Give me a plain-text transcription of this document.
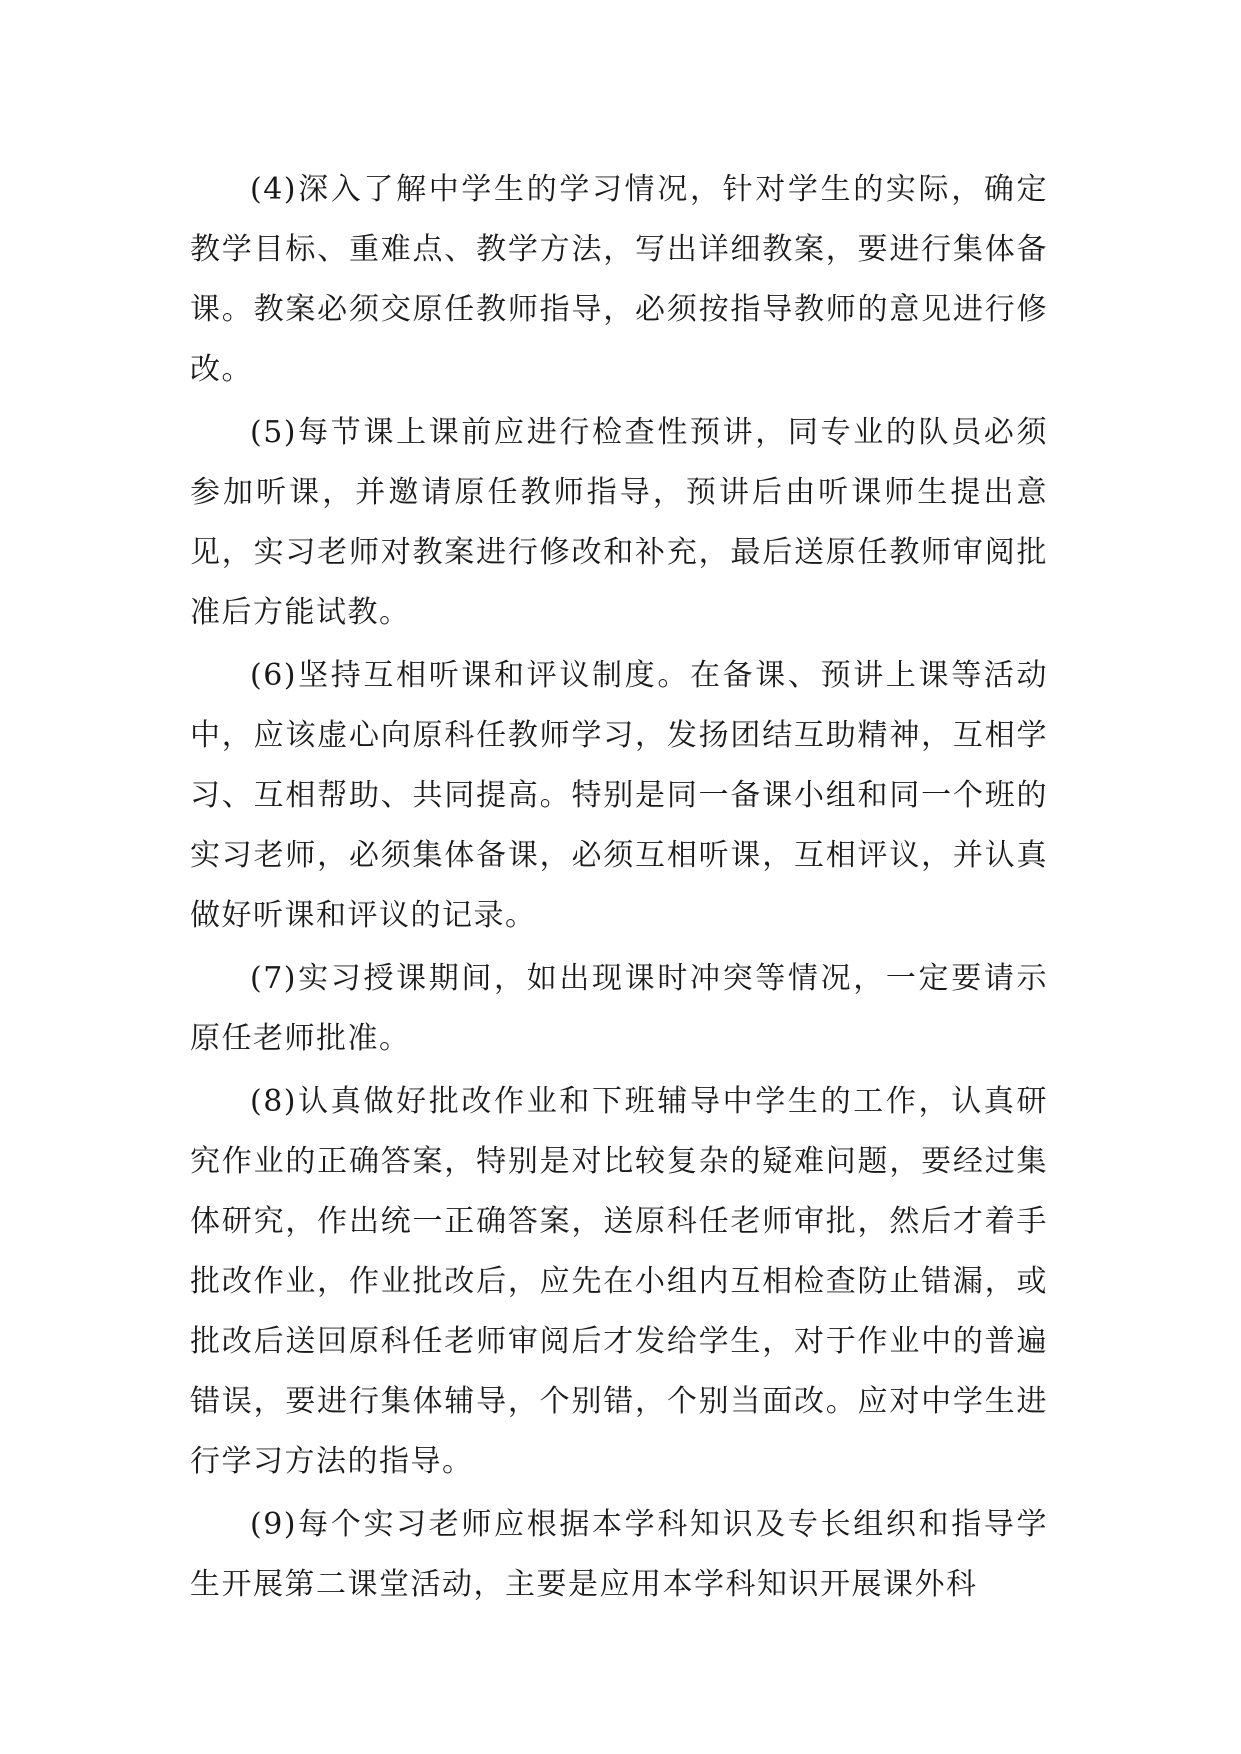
(4)深入了解中学生的学习情况，针对学生的实际，确定教学目标、重难点、教学方法，写出详细教案，要进行集体备课。教案必须交原任教师指导，必须按指导教师的意见进行修改。

(5)每节课上课前应进行检查性预讲，同专业的队员必须参加听课，并邀请原任教师指导，预讲后由听课师生提出意见，实习老师对教案进行修改和补充，最后送原任教师审阅批准后方能试教。

(6)坚持互相听课和评议制度。在备课、预讲上课等活动中，应该虚心向原科任教师学习，发扬团结互助精神，互相学习、互相帮助、共同提高。特别是同一备课小组和同一个班的实习老师，必须集体备课，必须互相听课，互相评议，并认真做好听课和评议的记录。

(7)实习授课期间，如出现课时冲突等情况，一定要请示原任老师批准。

(8)认真做好批改作业和下班辅导中学生的工作，认真研究作业的正确答案，特别是对比较复杂的疑难问题，要经过集体研究，作出统一正确答案，送原科任老师审批，然后才着手批改作业，作业批改后，应先在小组内互相检查防止错漏，或批改后送回原科任老师审阅后才发给学生，对于作业中的普遍错误，要进行集体辅导，个别错，个别当面改。应对中学生进行学习方法的指导。

(9)每个实习老师应根据本学科知识及专长组织和指导学生开展第二课堂活动，主要是应用本学科知识开展课外科
